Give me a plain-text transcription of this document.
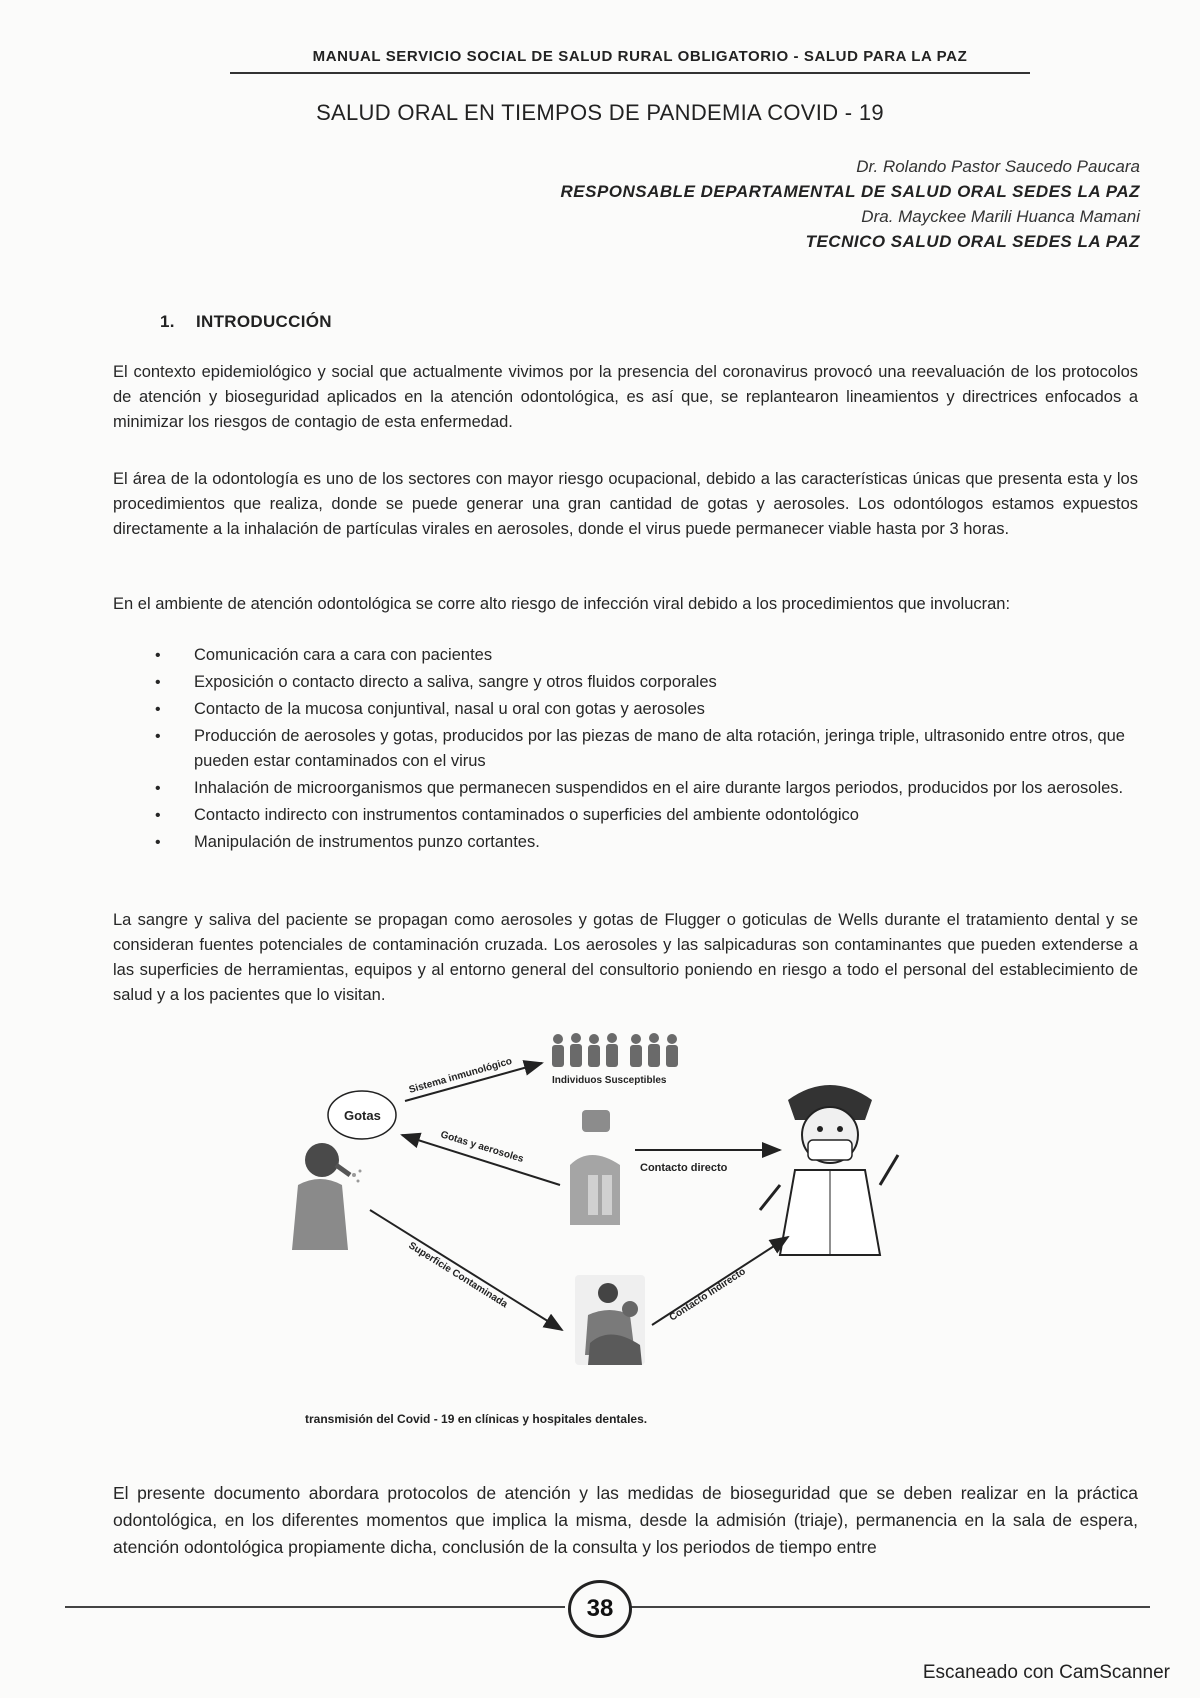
MANUAL SERVICIO SOCIAL DE SALUD RURAL OBLIGATORIO - SALUD PARA LA PAZ
SALUD ORAL EN TIEMPOS DE PANDEMIA COVID - 19
Dr. Rolando Pastor Saucedo Paucara
RESPONSABLE DEPARTAMENTAL DE SALUD ORAL SEDES LA PAZ
Dra. Mayckee Marili Huanca Mamani
TECNICO SALUD ORAL SEDES LA PAZ
1. INTRODUCCIÓN

El contexto epidemiológico y social que actualmente vivimos por la presencia del coronavirus provocó una reevaluación de los protocolos de atención y bioseguridad aplicados en la atención odontológica, es así que, se replantearon lineamientos y directrices enfocados a minimizar los riesgos de contagio de esta enfermedad.

El área de la odontología es uno de los sectores con mayor riesgo ocupacional, debido a las características únicas que presenta esta y los procedimientos que realiza, donde se puede generar una gran cantidad de gotas y aerosoles. Los odontólogos estamos expuestos directamente a la inhalación de partículas virales en aerosoles, donde el virus puede permanecer viable hasta por 3 horas.

En el ambiente de atención odontológica se corre alto riesgo de infección viral debido a los procedimientos que involucran:

• Comunicación cara a cara con pacientes
• Exposición o contacto directo a saliva, sangre y otros fluidos corporales
• Contacto de la mucosa conjuntival, nasal u oral con gotas y aerosoles
• Producción de aerosoles y gotas, producidos por las piezas de mano de alta rotación, jeringa triple, ultrasonido entre otros, que pueden estar contaminados con el virus
• Inhalación de microorganismos que permanecen suspendidos en el aire durante largos periodos, producidos por los aerosoles.
• Contacto indirecto con instrumentos contaminados o superficies del ambiente odontológico
• Manipulación de instrumentos punzo cortantes.

La sangre y saliva del paciente se propagan como aerosoles y gotas de Flugger o goticulas de Wells durante el tratamiento dental y se consideran fuentes potenciales de contaminación cruzada. Los aerosoles y las salpicaduras son contaminantes que pueden extenderse a las superficies de herramientas, equipos y al entorno general del consultorio poniendo en riesgo a todo el personal del establecimiento de salud y a los pacientes que lo visitan.

Individuos Susceptibles
Gotas
Sistema inmunológico
Gotas y aerosoles
Contacto directo
Superficie Contaminada	Contacto Indirecto
transmisión del Covid - 19 en clínicas y hospitales dentales.

El presente documento abordara protocolos de atención y las medidas de bioseguridad que se deben realizar en la práctica odontológica, en los diferentes momentos que implica la misma, desde la admisión (triaje), permanencia en la sala de espera, atención odontológica propiamente dicha, conclusión de la consulta y los periodos de tiempo entre

38
Escaneado con CamScanner
